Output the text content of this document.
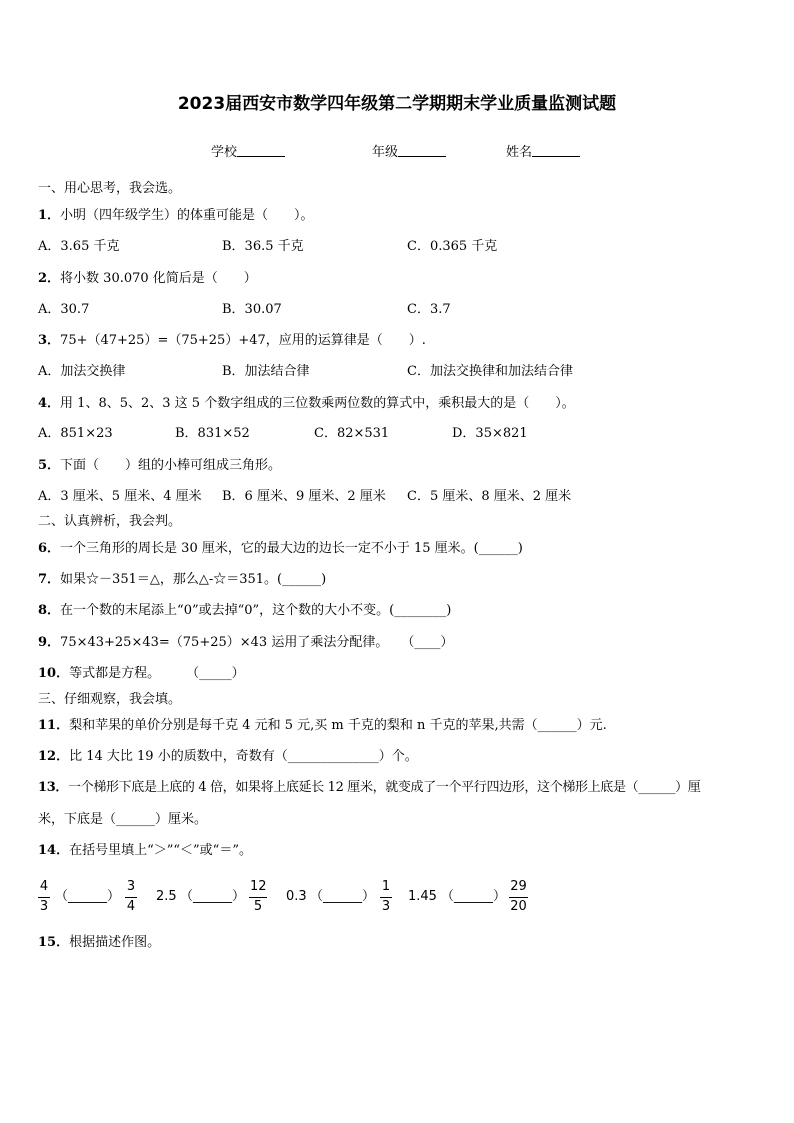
2023届西安市数学四年级第二学期期末学业质量监测试题
学校	年级	姓名
一、用心思考，我会选。
1．小明（四年级学生）的体重可能是（　　）。
A．3.65 千克	B．36.5 千克	C．0.365 千克
2．将小数 30.070 化简后是（　　）
A．30.7	B．30.07	C．3.7
3．75+（47+25）=（75+25）+47，应用的运算律是（　　）.
A．加法交换律	B．加法结合律	C．加法交换律和加法结合律
4．用 1、8、5、2、3 这 5 个数字组成的三位数乘两位数的算式中，乘积最大的是（　　）。
A．851×23	B．831×52	C．82×531	D．35×821
5．下面（　　）组的小棒可组成三角形。
A．3 厘米、5 厘米、4 厘米 B．6 厘米、9 厘米、2 厘米 C．5 厘米、8 厘米、2 厘米
二、认真辨析，我会判。
6．一个三角形的周长是 30 厘米，它的最大边的边长一定不小于 15 厘米。(______)
7．如果☆－351＝△，那么△-☆＝351。(______)
8．在一个数的末尾添上“0”或去掉“0”，这个数的大小不变。(________)
9．75×43+25×43=（75+25）×43 运用了乘法分配律。　　（____）
10．等式都是方程。　　　（_____）
三、仔细观察，我会填。
11．梨和苹果的单价分别是每千克 4 元和 5 元,买 m 千克的梨和 n 千克的苹果,共需（______）元.
12．比 14 大比 19 小的质数中，奇数有（______________）个。
13．一个梯形下底是上底的 4 倍，如果将上底延长 12 厘米，就变成了一个平行四边形，这个梯形上底是（______）厘
米，下底是（______）厘米。
14．在括号里填上“＞”“＜”或“＝”。
4
3
（______）
3
4
2.5 （______）
12
5
0.3 （______）
1
3
1.45 （______）
29
20
15．根据描述作图。
